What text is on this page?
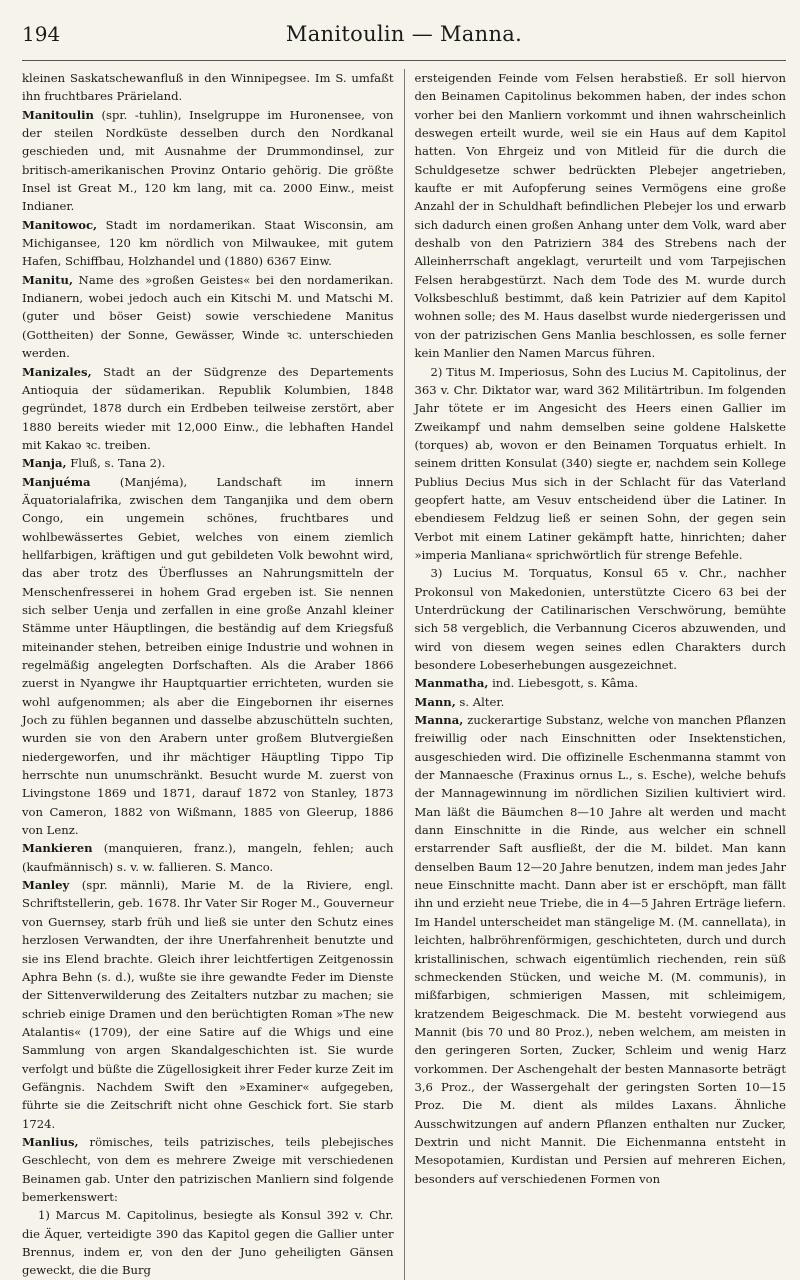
194	Manitoulin — Manna.

kleinen Saskatschewanfluß in den Winnipegsee. Im S. umfaßt ihn fruchtbares Prärieland.

Manitoulin (spr. -tuhlin), Inselgruppe im Huronensee, von der steilen Nordküste desselben durch den Nordkanal geschieden und, mit Ausnahme der Drummondinsel, zur britisch-amerikanischen Provinz Ontario gehörig. Die größte Insel ist Great M., 120 km lang, mit ca. 2000 Einw., meist Indianer.

Manitowoc, Stadt im nordamerikan. Staat Wisconsin, am Michigansee, 120 km nördlich von Milwaukee, mit gutem Hafen, Schiffbau, Holzhandel und (1880) 6367 Einw.

Manitu, Name des »großen Geistes« bei den nordamerikan. Indianern, wobei jedoch auch ein Kitschi M. und Matschi M. (guter und böser Geist) sowie verschiedene Manitus (Gottheiten) der Sonne, Gewässer, Winde ꝛc. unterschieden werden.

Manizales, Stadt an der Südgrenze des Departements Antioquia der südamerikan. Republik Kolumbien, 1848 gegründet, 1878 durch ein Erdbeben teilweise zerstört, aber 1880 bereits wieder mit 12,000 Einw., die lebhaften Handel mit Kakao ꝛc. treiben.

Manja, Fluß, s. Tana 2).

Manjuéma (Manjéma), Landschaft im innern Äquatorialafrika, zwischen dem Tanganjika und dem obern Congo, ein ungemein schönes, fruchtbares und wohlbewässertes Gebiet, welches von einem ziemlich hellfarbigen, kräftigen und gut gebildeten Volk bewohnt wird, das aber trotz des Überflusses an Nahrungsmitteln der Menschenfresserei in hohem Grad ergeben ist. Sie nennen sich selber Uenja und zerfallen in eine große Anzahl kleiner Stämme unter Häuptlingen, die beständig auf dem Kriegsfuß miteinander stehen, betreiben einige Industrie und wohnen in regelmäßig angelegten Dorfschaften. Als die Araber 1866 zuerst in Nyangwe ihr Hauptquartier errichteten, wurden sie wohl aufgenommen; als aber die Eingebornen ihr eisernes Joch zu fühlen begannen und dasselbe abzuschütteln suchten, wurden sie von den Arabern unter großem Blutvergießen niedergeworfen, und ihr mächtiger Häuptling Tippo Tip herrschte nun unumschränkt. Besucht wurde M. zuerst von Livingstone 1869 und 1871, darauf 1872 von Stanley, 1873 von Cameron, 1882 von Wißmann, 1885 von Gleerup, 1886 von Lenz.

Mankieren (manquieren, franz.), mangeln, fehlen; auch (kaufmännisch) s. v. w. fallieren. S. Manco.

Manley (spr. männli), Marie M. de la Riviere, engl. Schriftstellerin, geb. 1678. Ihr Vater Sir Roger M., Gouverneur von Guernsey, starb früh und ließ sie unter den Schutz eines herzlosen Verwandten, der ihre Unerfahrenheit benutzte und sie ins Elend brachte. Gleich ihrer leichtfertigen Zeitgenossin Aphra Behn (s. d.), wußte sie ihre gewandte Feder im Dienste der Sittenverwilderung des Zeitalters nutzbar zu machen; sie schrieb einige Dramen und den berüchtigten Roman »The new Atalantis« (1709), der eine Satire auf die Whigs und eine Sammlung von argen Skandalgeschichten ist. Sie wurde verfolgt und büßte die Zügellosigkeit ihrer Feder kurze Zeit im Gefängnis. Nachdem Swift den »Examiner« aufgegeben, führte sie die Zeitschrift nicht ohne Geschick fort. Sie starb 1724.

Manlius, römisches, teils patrizisches, teils plebejisches Geschlecht, von dem es mehrere Zweige mit verschiedenen Beinamen gab. Unter den patrizischen Manliern sind folgende bemerkenswert:

1) Marcus M. Capitolinus, besiegte als Konsul 392 v. Chr. die Äquer, verteidigte 390 das Kapitol gegen die Gallier unter Brennus, indem er, von den der Juno geheiligten Gänsen geweckt, die die Burg

ersteigenden Feinde vom Felsen herabstieß. Er soll hiervon den Beinamen Capitolinus bekommen haben, der indes schon vorher bei den Manliern vorkommt und ihnen wahrscheinlich deswegen erteilt wurde, weil sie ein Haus auf dem Kapitol hatten. Von Ehrgeiz und von Mitleid für die durch die Schuldgesetze schwer bedrückten Plebejer angetrieben, kaufte er mit Aufopferung seines Vermögens eine große Anzahl der in Schuldhaft befindlichen Plebejer los und erwarb sich dadurch einen großen Anhang unter dem Volk, ward aber deshalb von den Patriziern 384 des Strebens nach der Alleinherrschaft angeklagt, verurteilt und vom Tarpejischen Felsen herabgestürzt. Nach dem Tode des M. wurde durch Volksbeschluß bestimmt, daß kein Patrizier auf dem Kapitol wohnen solle; des M. Haus daselbst wurde niedergerissen und von der patrizischen Gens Manlia beschlossen, es solle ferner kein Manlier den Namen Marcus führen.

2) Titus M. Imperiosus, Sohn des Lucius M. Capitolinus, der 363 v. Chr. Diktator war, ward 362 Militärtribun. Im folgenden Jahr tötete er im Angesicht des Heers einen Gallier im Zweikampf und nahm demselben seine goldene Halskette (torques) ab, wovon er den Beinamen Torquatus erhielt. In seinem dritten Konsulat (340) siegte er, nachdem sein Kollege Publius Decius Mus sich in der Schlacht für das Vaterland geopfert hatte, am Vesuv entscheidend über die Latiner. In ebendiesem Feldzug ließ er seinen Sohn, der gegen sein Verbot mit einem Latiner gekämpft hatte, hinrichten; daher »imperia Manliana« sprichwörtlich für strenge Befehle.

3) Lucius M. Torquatus, Konsul 65 v. Chr., nachher Prokonsul von Makedonien, unterstützte Cicero 63 bei der Unterdrückung der Catilinarischen Verschwörung, bemühte sich 58 vergeblich, die Verbannung Ciceros abzuwenden, und wird von diesem wegen seines edlen Charakters durch besondere Lobeserhebungen ausgezeichnet.

Manmatha, ind. Liebesgott, s. Kâma.

Mann, s. Alter.

Manna, zuckerartige Substanz, welche von manchen Pflanzen freiwillig oder nach Einschnitten oder Insektenstichen, ausgeschieden wird. Die offizinelle Eschenmanna stammt von der Mannaesche (Fraxinus ornus L., s. Esche), welche behufs der Mannagewinnung im nördlichen Sizilien kultiviert wird. Man läßt die Bäumchen 8—10 Jahre alt werden und macht dann Einschnitte in die Rinde, aus welcher ein schnell erstarrender Saft ausfließt, der die M. bildet. Man kann denselben Baum 12—20 Jahre benutzen, indem man jedes Jahr neue Einschnitte macht. Dann aber ist er erschöpft, man fällt ihn und erzieht neue Triebe, die in 4—5 Jahren Erträge liefern. Im Handel unterscheidet man stängelige M. (M. cannellata), in leichten, halbröhrenförmigen, geschichteten, durch und durch kristallinischen, schwach eigentümlich riechenden, rein süß schmeckenden Stücken, und weiche M. (M. communis), in mißfarbigen, schmierigen Massen, mit schleimigem, kratzendem Beigeschmack. Die M. besteht vorwiegend aus Mannit (bis 70 und 80 Proz.), neben welchem, am meisten in den geringeren Sorten, Zucker, Schleim und wenig Harz vorkommen. Der Aschengehalt der besten Mannasorte beträgt 3,6 Proz., der Wassergehalt der geringsten Sorten 10—15 Proz. Die M. dient als mildes Laxans. Ähnliche Ausschwitzungen auf andern Pflanzen enthalten nur Zucker, Dextrin und nicht Mannit. Die Eichenmanna entsteht in Mesopotamien, Kurdistan und Persien auf mehreren Eichen, besonders auf verschiedenen Formen von
